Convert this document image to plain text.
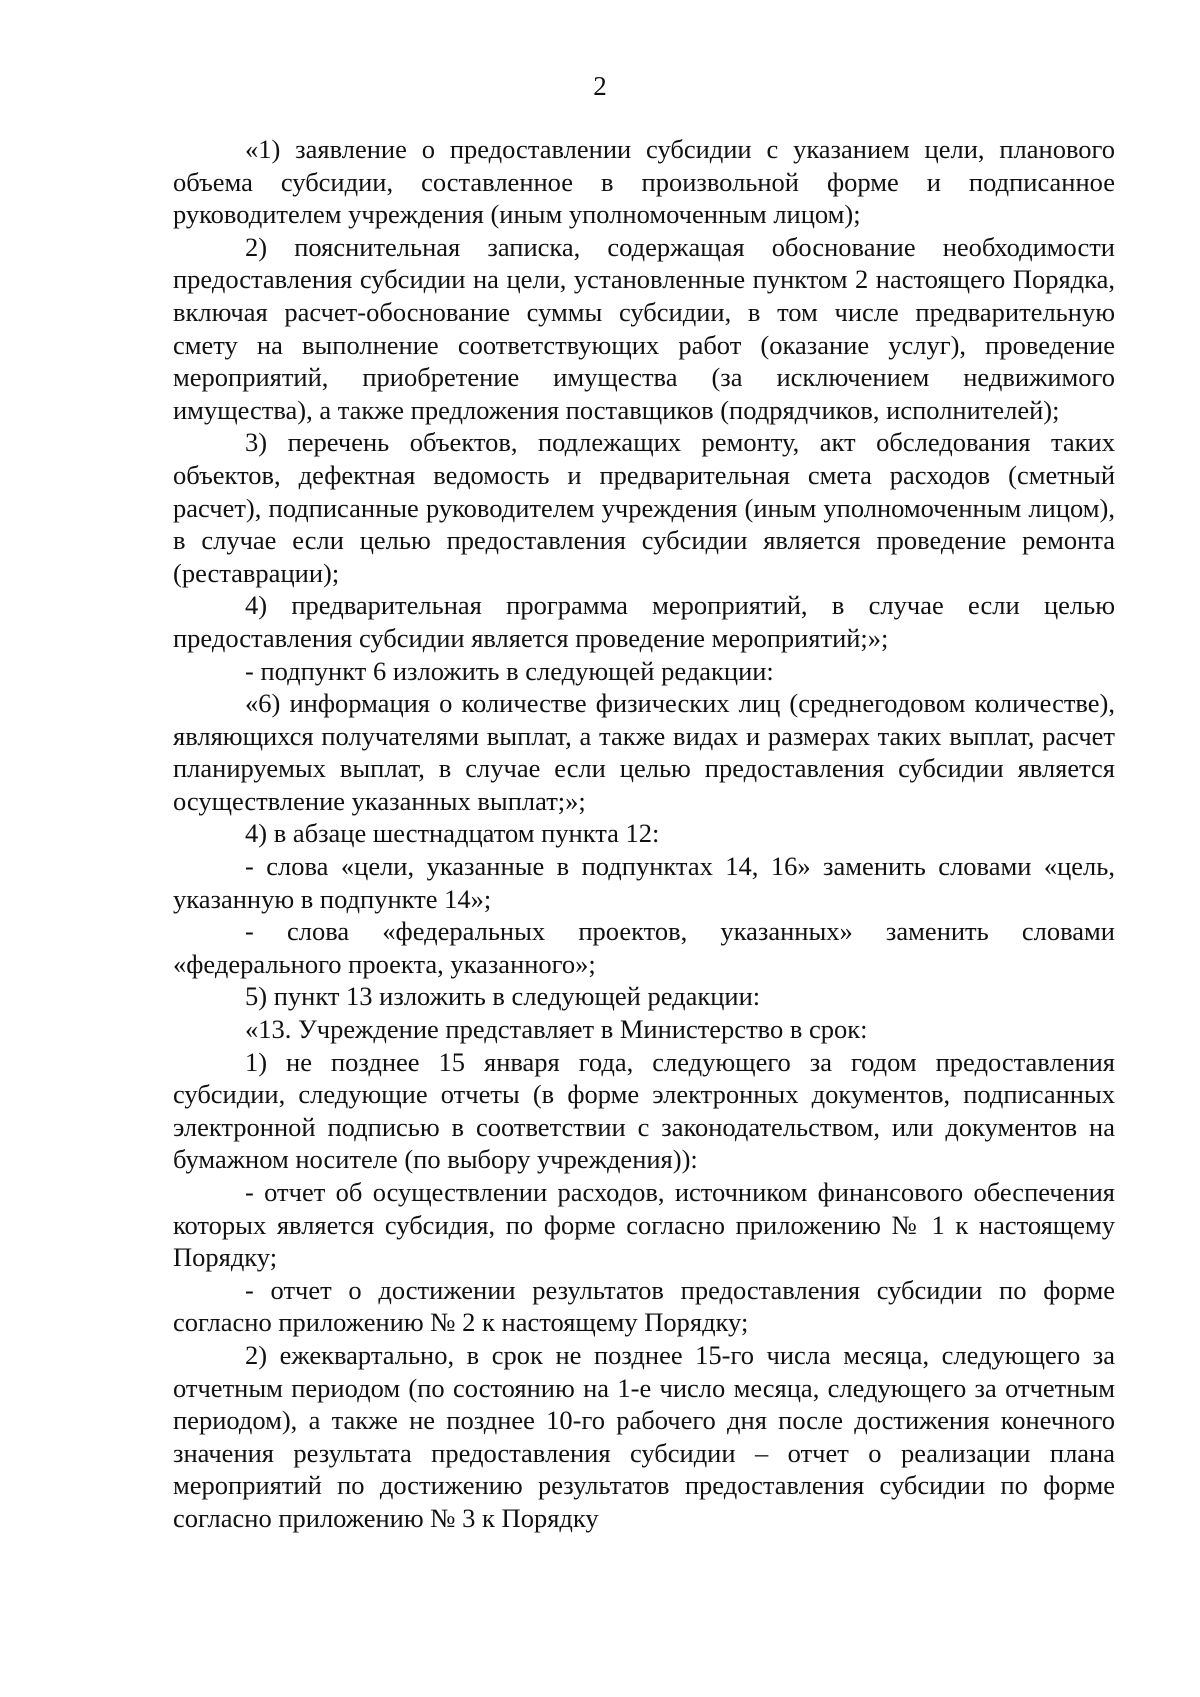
2

«1) заявление о предоставлении субсидии с указанием цели, планового объема субсидии, составленное в произвольной форме и подписанное руководителем учреждения (иным уполномоченным лицом);

2) пояснительная записка, содержащая обоснование необходимости предоставления субсидии на цели, установленные пунктом 2 настоящего Порядка, включая расчет-обоснование суммы субсидии, в том числе предварительную смету на выполнение соответствующих работ (оказание услуг), проведение мероприятий, приобретение имущества (за исключением недвижимого имущества), а также предложения поставщиков (подрядчиков, исполнителей);

3) перечень объектов, подлежащих ремонту, акт обследования таких объектов, дефектная ведомость и предварительная смета расходов (сметный расчет), подписанные руководителем учреждения (иным уполномоченным лицом), в случае если целью предоставления субсидии является проведение ремонта (реставрации);

4) предварительная программа мероприятий, в случае если целью предоставления субсидии является проведение мероприятий;»;

- подпункт 6 изложить в следующей редакции:

«6) информация о количестве физических лиц (среднегодовом количестве), являющихся получателями выплат, а также видах и размерах таких выплат, расчет планируемых выплат, в случае если целью предоставления субсидии является осуществление указанных выплат;»;

4) в абзаце шестнадцатом пункта 12:

- слова «цели, указанные в подпунктах 14, 16» заменить словами «цель, указанную в подпункте 14»;

- слова «федеральных проектов, указанных» заменить словами «федерального проекта, указанного»;

5) пункт 13 изложить в следующей редакции:

«13. Учреждение представляет в Министерство в срок:

1) не позднее 15 января года, следующего за годом предоставления субсидии, следующие отчеты (в форме электронных документов, подписанных электронной подписью в соответствии с законодательством, или документов на бумажном носителе (по выбору учреждения)):

- отчет об осуществлении расходов, источником финансового обеспечения которых является субсидия, по форме согласно приложению № 1 к настоящему Порядку;

- отчет о достижении результатов предоставления субсидии по форме согласно приложению № 2 к настоящему Порядку;

2) ежеквартально, в срок не позднее 15-го числа месяца, следующего за отчетным периодом (по состоянию на 1-е число месяца, следующего за отчетным периодом), а также не позднее 10-го рабочего дня после достижения конечного значения результата предоставления субсидии – отчет о реализации плана мероприятий по достижению результатов предоставления субсидии по форме согласно приложению № 3 к Порядку
